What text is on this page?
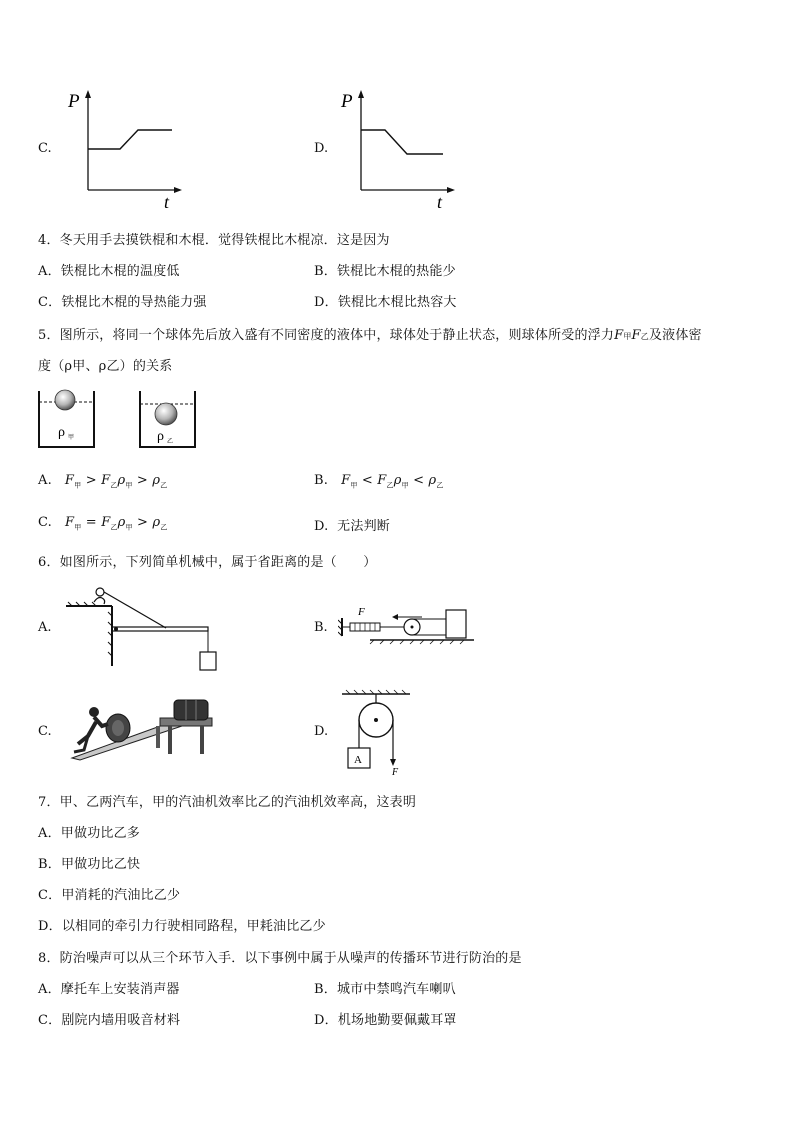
C.
P
t
D.
P
t
4．冬天用手去摸铁棍和木棍．觉得铁棍比木棍凉．这是因为
A．铁棍比木棍的温度低	B．铁棍比木棍的热能少
C．铁棍比木棍的导热能力强	D．铁棍比木棍比热容大
5．图所示，将同一个球体先后放入盛有不同密度的液体中，球体处于静止状态，则球体所受的浮力F甲F乙及液体密
度（ρ甲、ρ乙）的关系
ρ 甲	ρ 乙
A. $F_甲 > F_乙\rho_甲 > \rho_乙$	B. $F_甲 < F_乙\rho_甲 < \rho_乙$
C. $F_甲 = F_乙\rho_甲 > \rho_乙$	D. 无法判断
6．如图所示，下列简单机械中，属于省距离的是（　　）
A.	B.
F
C.	D.
A
F
7．甲、乙两汽车，甲的汽油机效率比乙的汽油机效率高，这表明
A．甲做功比乙多
B．甲做功比乙快
C．甲消耗的汽油比乙少
D．以相同的牵引力行驶相同路程，甲耗油比乙少
8．防治噪声可以从三个环节入手．以下事例中属于从噪声的传播环节进行防治的是
A．摩托车上安装消声器	B．城市中禁鸣汽车喇叭
C．剧院内墙用吸音材料	D．机场地勤要佩戴耳罩
